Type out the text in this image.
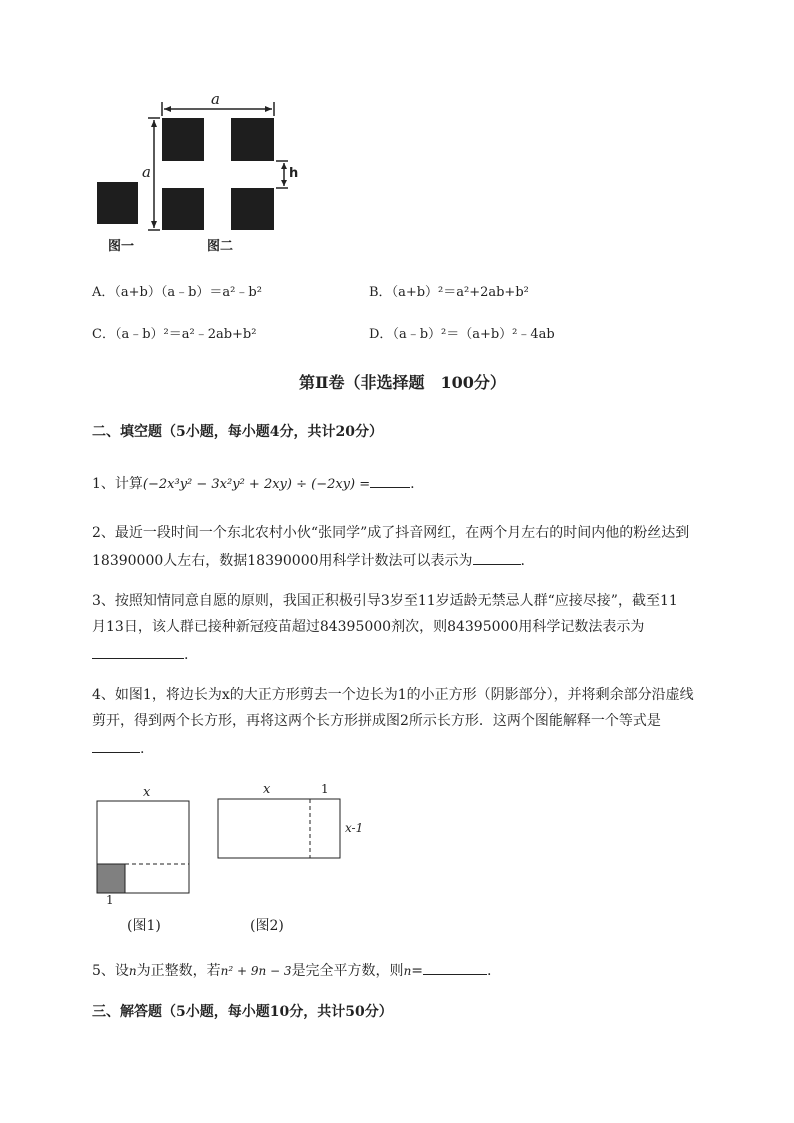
a
a	h
图一	图二
A．（a+b）（a﹣b）＝a²﹣b²	B．（a+b）²＝a²+2ab+b²
C．（a﹣b）²＝a²﹣2ab+b²	D．（a﹣b）²＝（a+b）²﹣4ab
第Ⅱ卷（非选择题　100分）
二、填空题（5小题，每小题4分，共计20分）
1、计算(−2x³y² − 3x²y² + 2xy) ÷ (−2xy) =	.
2、最近一段时间一个东北农村小伙“张同学”成了抖音网红，在两个月左右的时间内他的粉丝达到
18390000人左右，数据18390000用科学计数法可以表示为	.
3、按照知情同意自愿的原则，我国正积极引导3岁至11岁适龄无禁忌人群“应接尽接”，截至11
月13日，该人群已接种新冠疫苗超过84395000剂次，则84395000用科学记数法表示为
.
4、如图1，将边长为x的大正方形剪去一个边长为1的小正方形（阴影部分），并将剩余部分沿虚线
剪开，得到两个长方形，再将这两个长方形拼成图2所示长方形．这两个图能解释一个等式是
.
x
1
(图1)
x	1
x-1
(图2)
5、设n为正整数，若n² + 9n − 3是完全平方数，则n=	.
三、解答题（5小题，每小题10分，共计50分）
